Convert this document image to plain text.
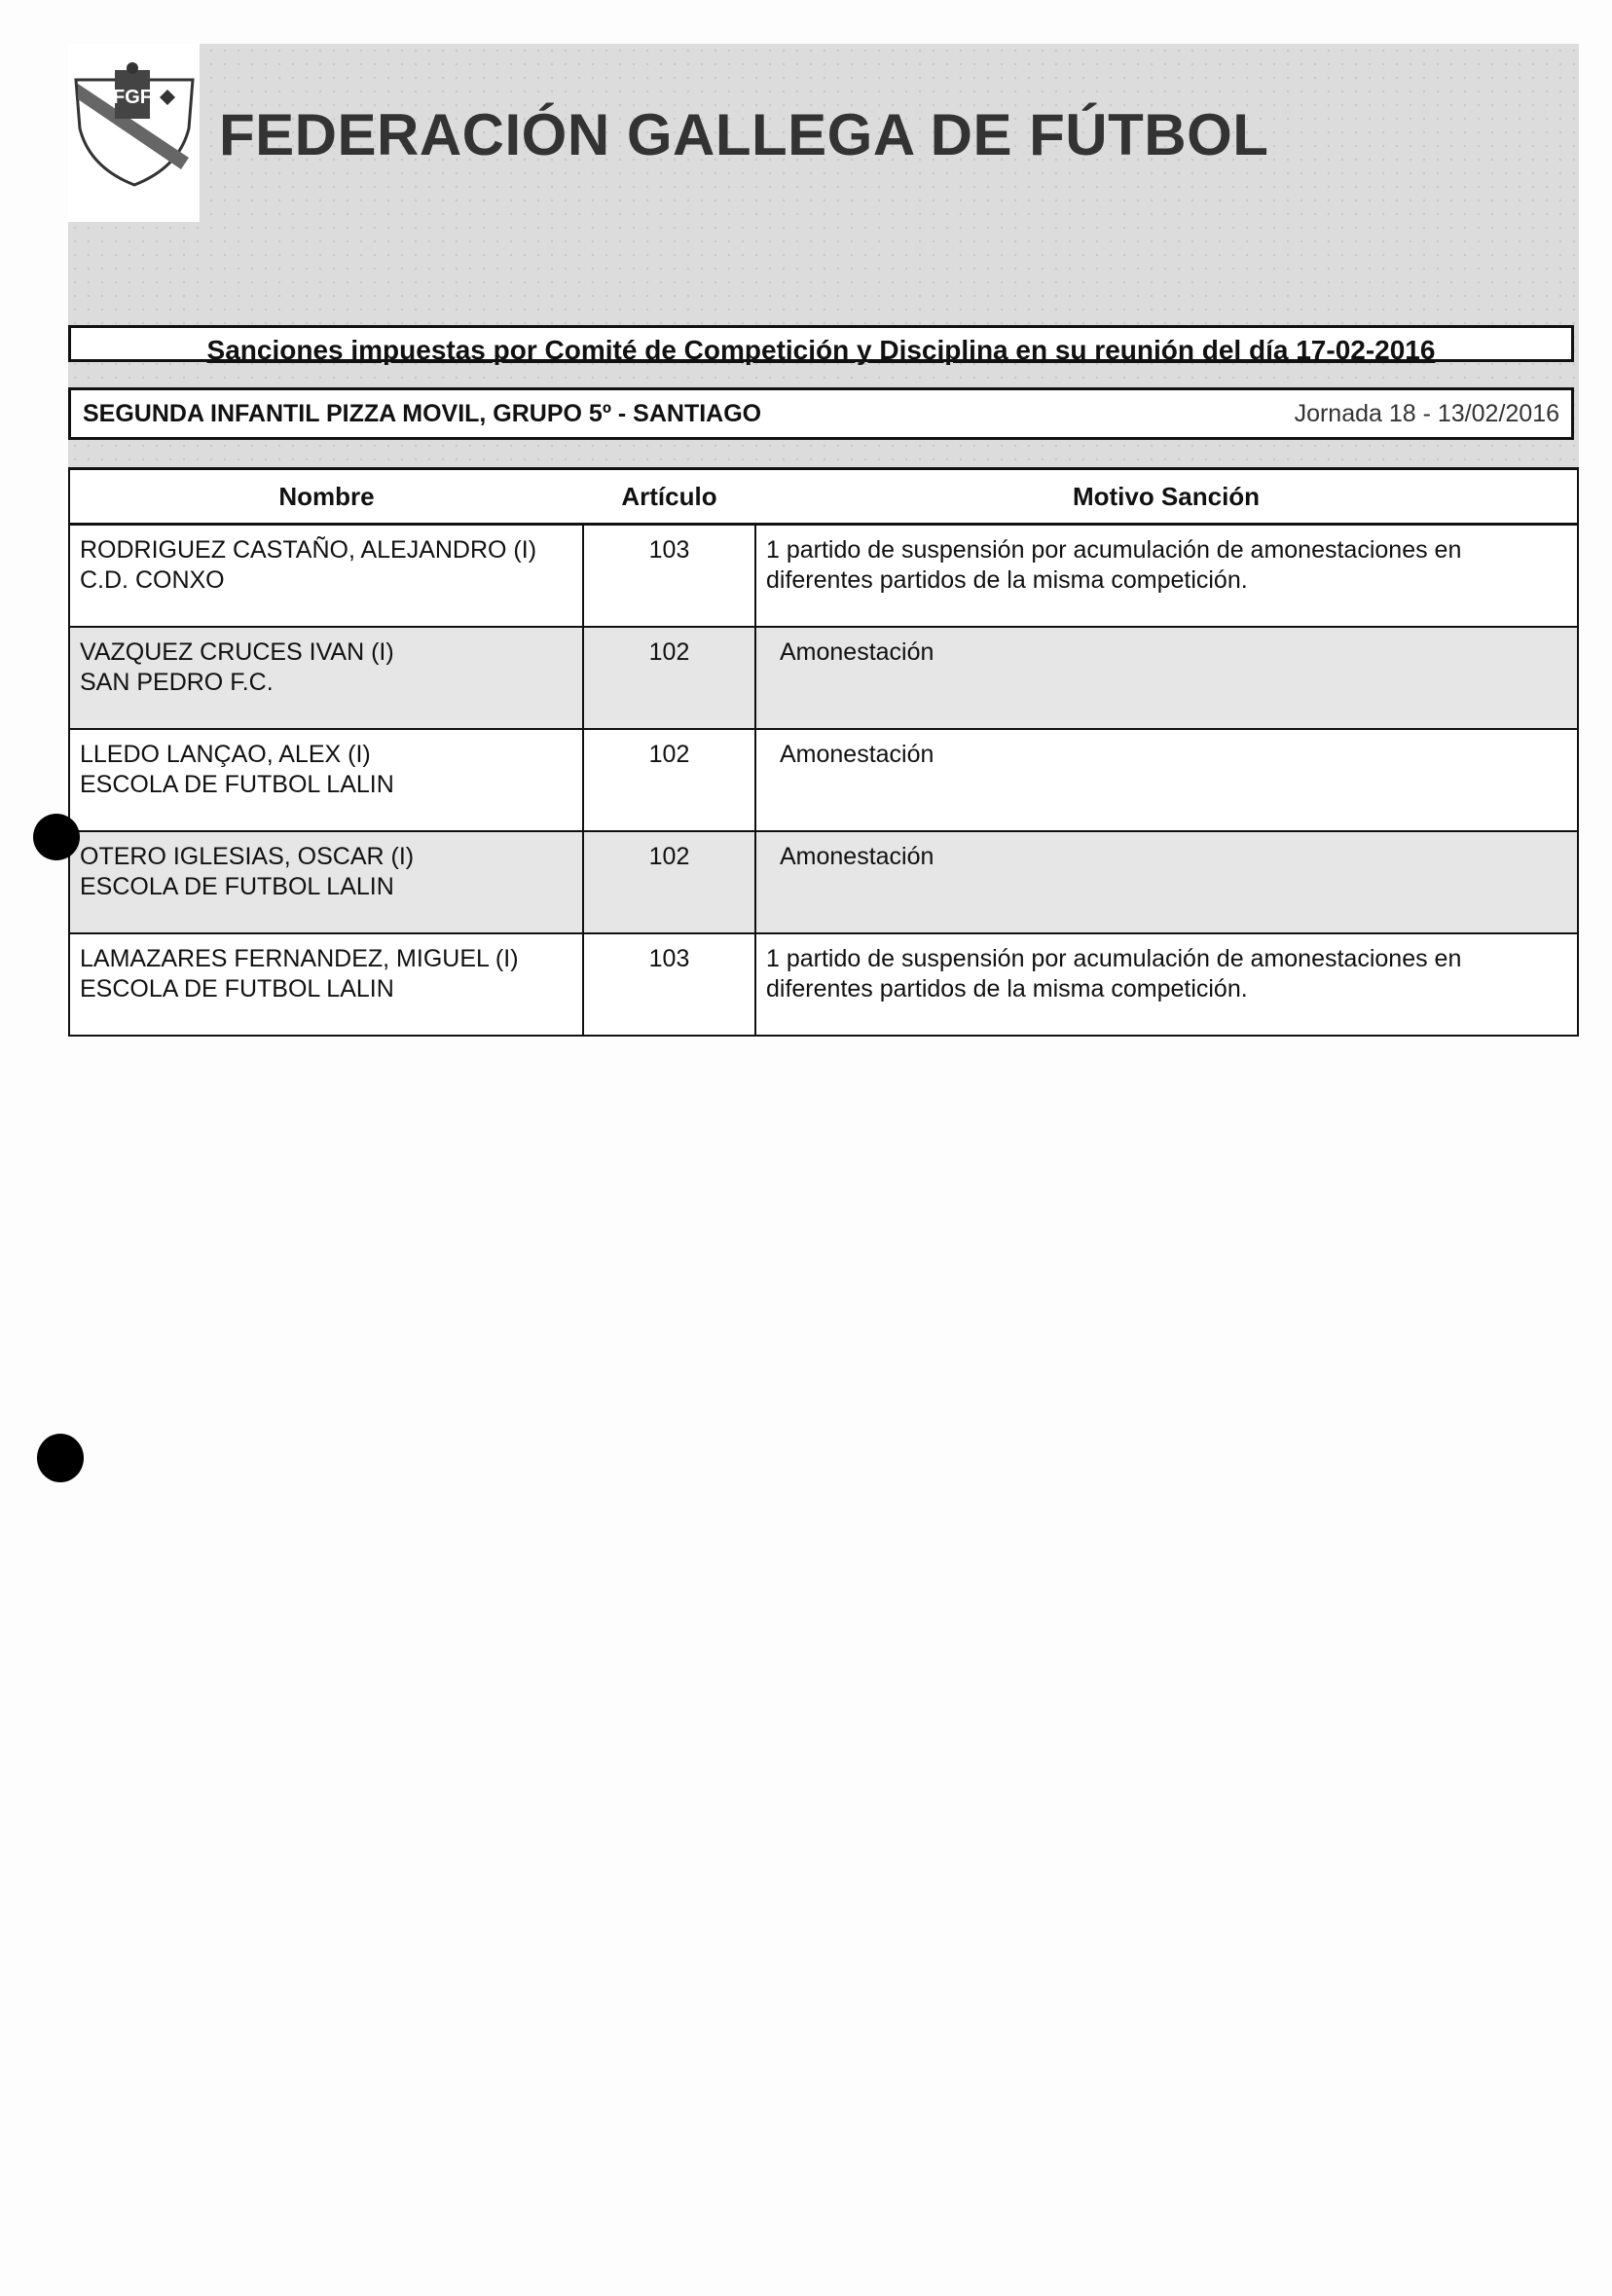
FGF
FEDERACIÓN GALLEGA DE FÚTBOL
Sanciones impuestas por Comité de Competición y Disciplina en su reunión del día 17-02-2016
SEGUNDA INFANTIL PIZZA MOVIL, GRUPO 5º - SANTIAGO	Jornada 18 - 13/02/2016
Nombre	Artículo	Motivo Sanción

RODRIGUEZ CASTAÑO, ALEJANDRO (I)
C.D. CONXO	103	1 partido de suspensión por acumulación de amonestaciones en diferentes partidos de la misma competición.

VAZQUEZ CRUCES IVAN (I)
SAN PEDRO F.C.	102	Amonestación

LLEDO LANÇAO, ALEX (I)
ESCOLA DE FUTBOL LALIN	102	Amonestación

OTERO IGLESIAS, OSCAR (I)
ESCOLA DE FUTBOL LALIN	102	Amonestación

LAMAZARES FERNANDEZ, MIGUEL (I)
ESCOLA DE FUTBOL LALIN	103	1 partido de suspensión por acumulación de amonestaciones en diferentes partidos de la misma competición.
